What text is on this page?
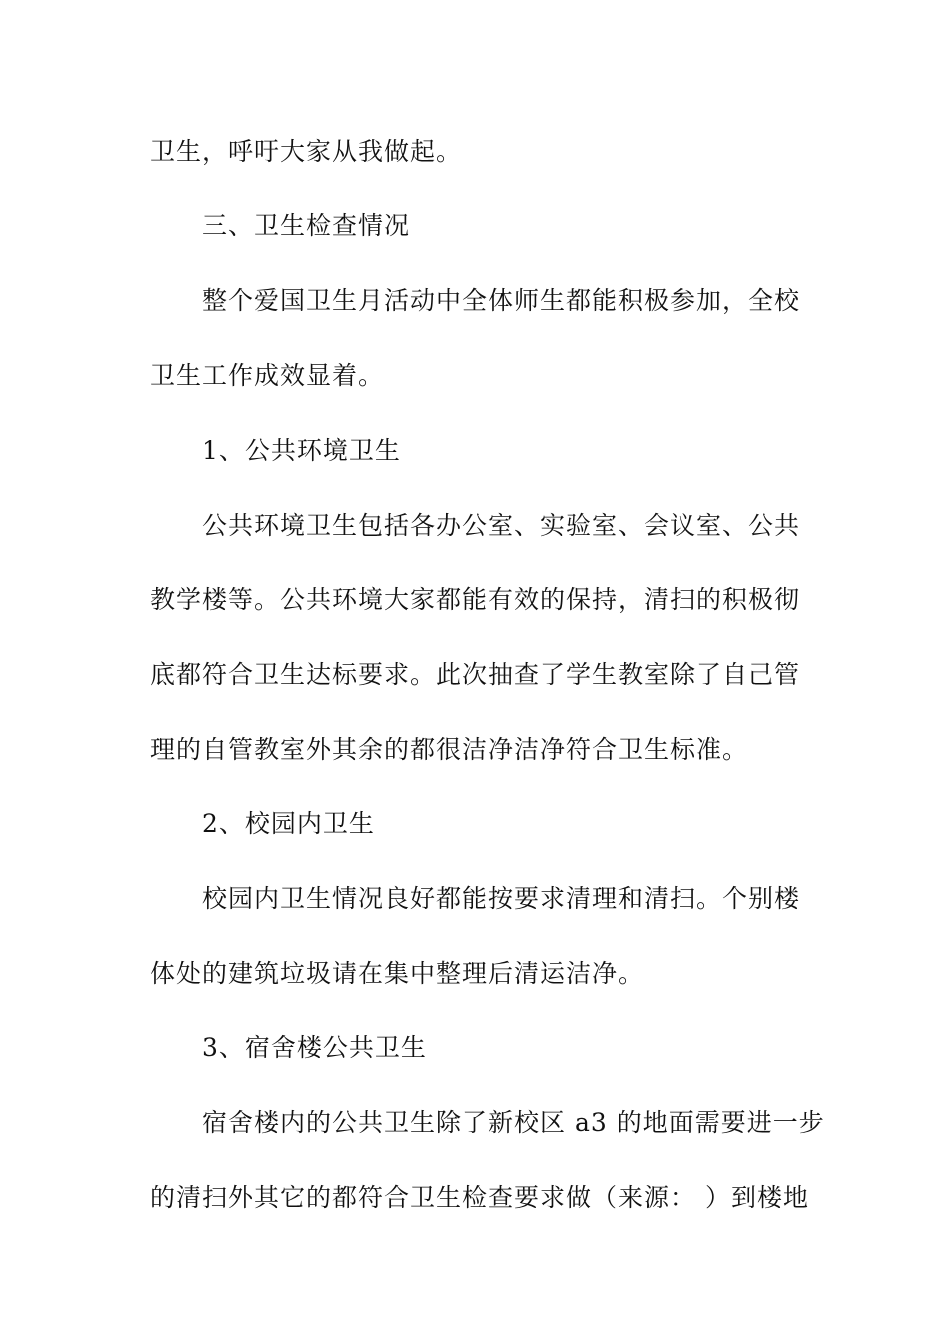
卫生，呼吁大家从我做起。
三、卫生检查情况
整个爱国卫生月活动中全体师生都能积极参加，全校
卫生工作成效显着。
1、公共环境卫生
公共环境卫生包括各办公室、实验室、会议室、公共
教学楼等。公共环境大家都能有效的保持，清扫的积极彻
底都符合卫生达标要求。此次抽查了学生教室除了自己管
理的自管教室外其余的都很洁净洁净符合卫生标准。
2、校园内卫生
校园内卫生情况良好都能按要求清理和清扫。个别楼
体处的建筑垃圾请在集中整理后清运洁净。
3、宿舍楼公共卫生
宿舍楼内的公共卫生除了新校区 a3 的地面需要进一步
的清扫外其它的都符合卫生检查要求做（来源： ）到楼地
